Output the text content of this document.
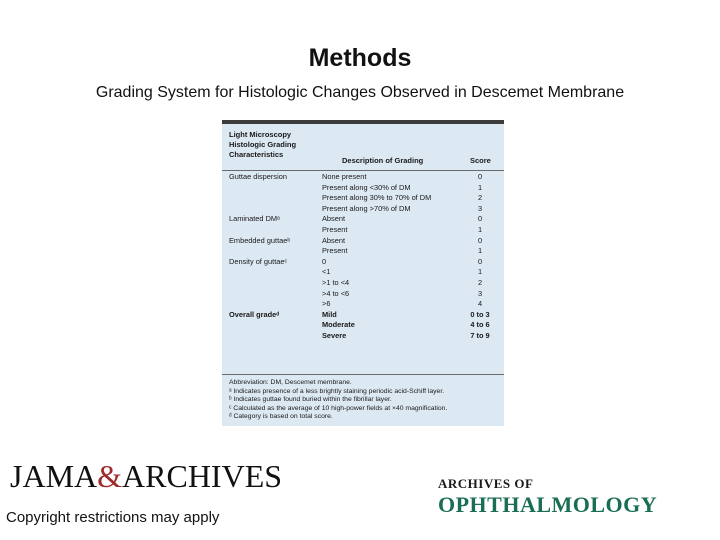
Methods
Grading System for Histologic Changes Observed in Descemet Membrane
Light Microscopy
Histologic Grading
Characteristics
Description of Grading	Score
Guttae dispersion	None present	0
Present along <30% of DM	1
Present along 30% to 70% of DM	2
Present along >70% of DM	3
Laminated DMᵃ	Absent	0
Present	1
Embedded guttaeᵇ	Absent	0
Present	1
Density of guttaeᶜ	0	0
<1	1
>1 to <4	2
>4 to <6	3
>6	4
Overall gradeᵈ	Mild	0 to 3
Moderate	4 to 6
Severe	7 to 9
Abbreviation: DM, Descemet membrane.
ᵃ Indicates presence of a less brightly staining periodic acid-Schiff layer.
ᵇ Indicates guttae found buried within the fibrillar layer.
ᶜ Calculated as the average of 10 high-power fields at ×40 magnification.
ᵈ Category is based on total score.
JAMA&ARCHIVES
Copyright restrictions may apply
ARCHIVES OF
OPHTHALMOLOGY
